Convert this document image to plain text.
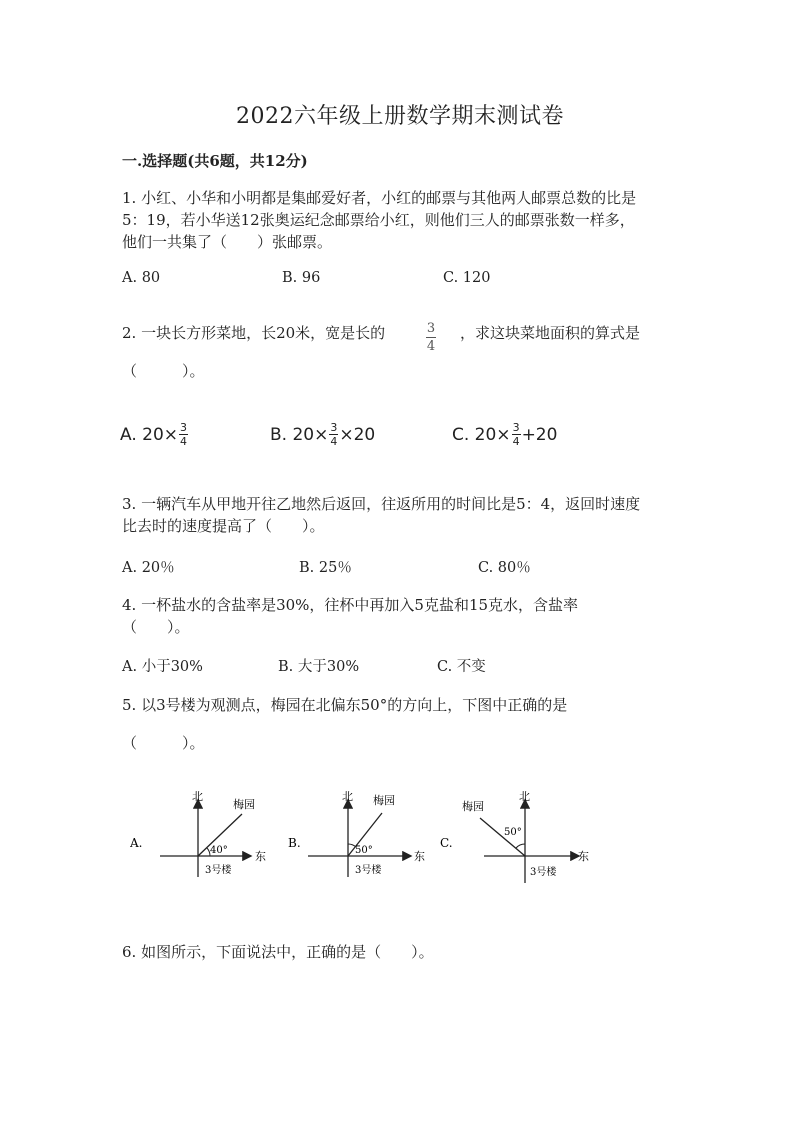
2022六年级上册数学期末测试卷
一.选择题(共6题，共12分)
1. 小红、小华和小明都是集邮爱好者，小红的邮票与其他两人邮票总数的比是
5：19，若小华送12张奥运纪念邮票给小红，则他们三人的邮票张数一样多，
他们一共集了（　　）张邮票。
A. 80	B. 96	C. 120
2. 一块长方形菜地，长20米，宽是长的	$\frac{3}{4}$ ，求这块菜地面积的算式是
（　　　）。
A. $20\times \frac{3}{4}$	B. $20\times \frac{3}{4} \times 20$	C. $20\times \frac{3}{4} +20$
3. 一辆汽车从甲地开往乙地然后返回，往返所用的时间比是5：4，返回时速度
比去时的速度提高了（　　）。
A. 20％	B. 25％	C. 80％
4. 一杯盐水的含盐率是30%，往杯中再加入5克盐和15克水，含盐率
（　　）。
A. 小于30%	B. 大于30%	C. 不变
5. 以3号楼为观测点，梅园在北偏东50°的方向上，下图中正确的是
（　　　）。
A.
北
东
梅园
40°
3号楼
B.
北
东
梅园
50°
3号楼
C.
北
东
梅园
50°
3号楼
6. 如图所示，下面说法中，正确的是（　　）。
